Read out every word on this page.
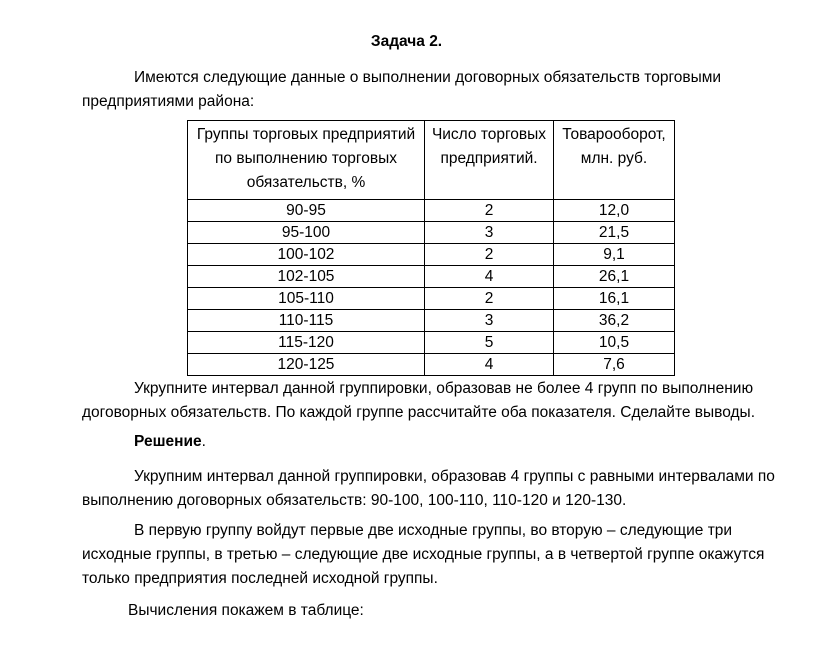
Задача 2.
Имеются следующие данные о выполнении договорных обязательств торговыми предприятиями района:
Группы торговых предприятий по выполнению торговых обязательств, %	Число торговых предприятий.	Товарооборот, млн. руб.
90-95	2	12,0
95-100	3	21,5
100-102	2	9,1
102-105	4	26,1
105-110	2	16,1
110-115	3	36,2
115-120	5	10,5
120-125	4	7,6
Укрупните интервал данной группировки, образовав не более 4 групп по выполнению договорных обязательств. По каждой группе рассчитайте оба показателя. Сделайте выводы.
Решение.
Укрупним интервал данной группировки, образовав 4 группы с равными интервалами по выполнению договорных обязательств: 90-100, 100-110, 110-120 и 120-130.
В первую группу войдут первые две исходные группы, во вторую – следующие три исходные группы, в третью – следующие две исходные группы, а в четвертой группе окажутся только предприятия последней исходной группы.
Вычисления покажем в таблице:
